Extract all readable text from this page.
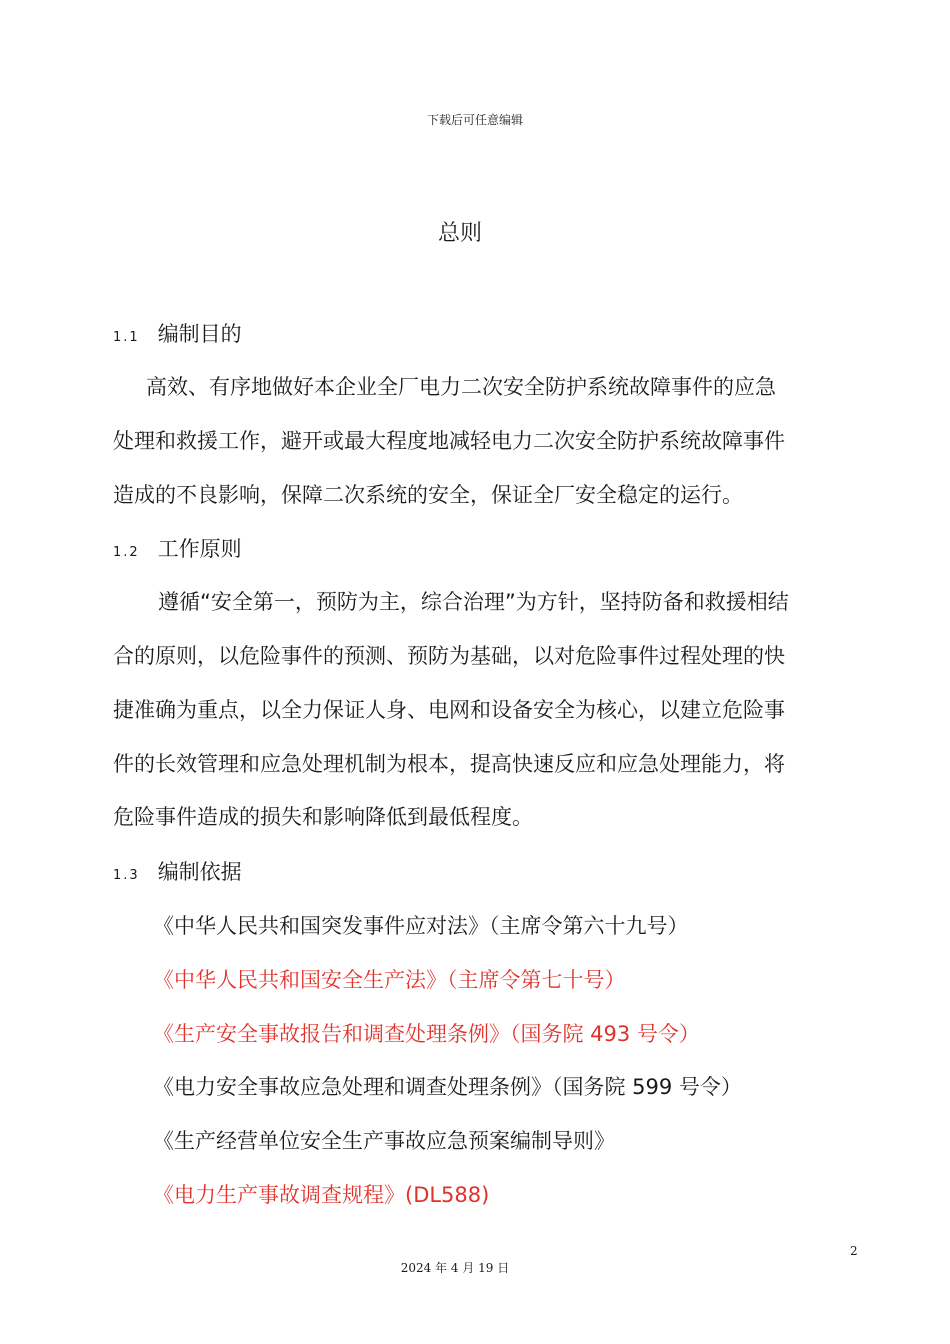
下载后可任意编辑
总则
1.1 编制目的
高效、有序地做好本企业全厂电力二次安全防护系统故障事件的应急
处理和救援工作，避开或最大程度地减轻电力二次安全防护系统故障事件
造成的不良影响，保障二次系统的安全，保证全厂安全稳定的运行。
1.2 工作原则
遵循“安全第一，预防为主，综合治理”为方针，坚持防备和救援相结
合的原则，以危险事件的预测、预防为基础，以对危险事件过程处理的快
捷准确为重点，以全力保证人身、电网和设备安全为核心，以建立危险事
件的长效管理和应急处理机制为根本，提高快速反应和应急处理能力，将
危险事件造成的损失和影响降低到最低程度。
1.3 编制依据
《中华人民共和国突发事件应对法》（主席令第六十九号）
《中华人民共和国安全生产法》（主席令第七十号）
《生产安全事故报告和调查处理条例》（国务院 493 号令）
《电力安全事故应急处理和调查处理条例》（国务院 599 号令）
《生产经营单位安全生产事故应急预案编制导则》
《电力生产事故调查规程》(DL588)
2
2024 年 4 月 19 日
